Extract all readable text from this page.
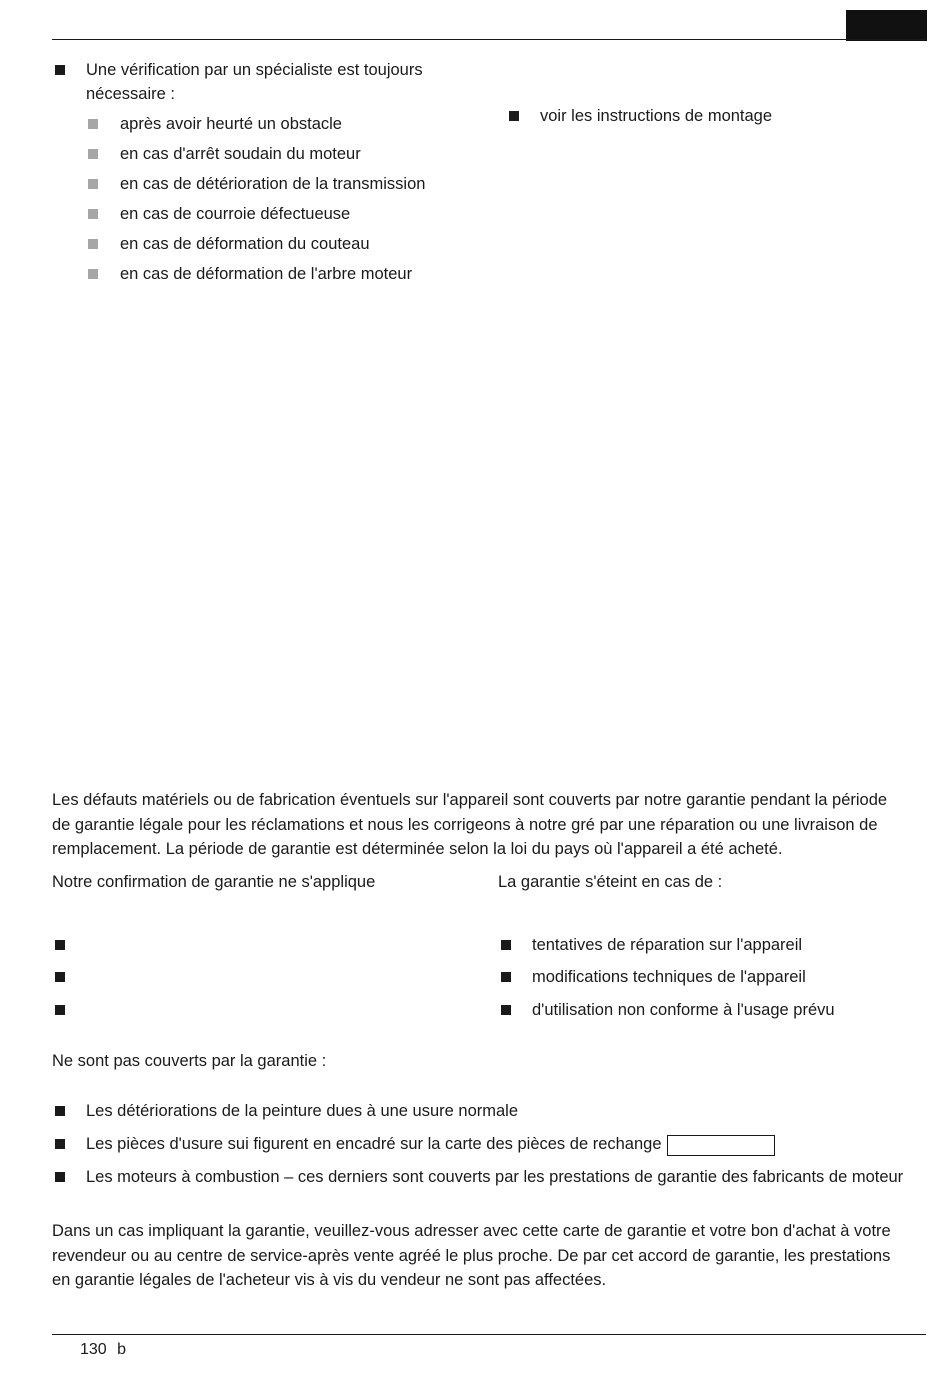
Une vérification par un spécialiste est toujours
nécessaire :
après avoir heurté un obstacle
en cas d'arrêt soudain du moteur
en cas de détérioration de la transmission
en cas de courroie défectueuse
en cas de déformation du couteau
en cas de déformation de l'arbre moteur
voir les instructions de montage
Les défauts matériels ou de fabrication éventuels sur l'appareil sont couverts par notre garantie pendant la période
de garantie légale pour les réclamations et nous les corrigeons à notre gré par une réparation ou une livraison de
remplacement. La période de garantie est déterminée selon la loi du pays où l'appareil a été acheté.
Notre confirmation de garantie ne s'applique	La garantie s'éteint en cas de :
tentatives de réparation sur l'appareil
modifications techniques de l'appareil
d'utilisation non conforme à l'usage prévu
Ne sont pas couverts par la garantie :
Les détériorations de la peinture dues à une usure normale
Les pièces d'usure sui figurent en encadré sur la carte des pièces de rechange
Les moteurs à combustion – ces derniers sont couverts par les prestations de garantie des fabricants de moteur
Dans un cas impliquant la garantie, veuillez-vous adresser avec cette carte de garantie et votre bon d'achat à votre
revendeur ou au centre de service-après vente agréé le plus proche. De par cet accord de garantie, les prestations
en garantie légales de l'acheteur vis à vis du vendeur ne sont pas affectées.
130 b
